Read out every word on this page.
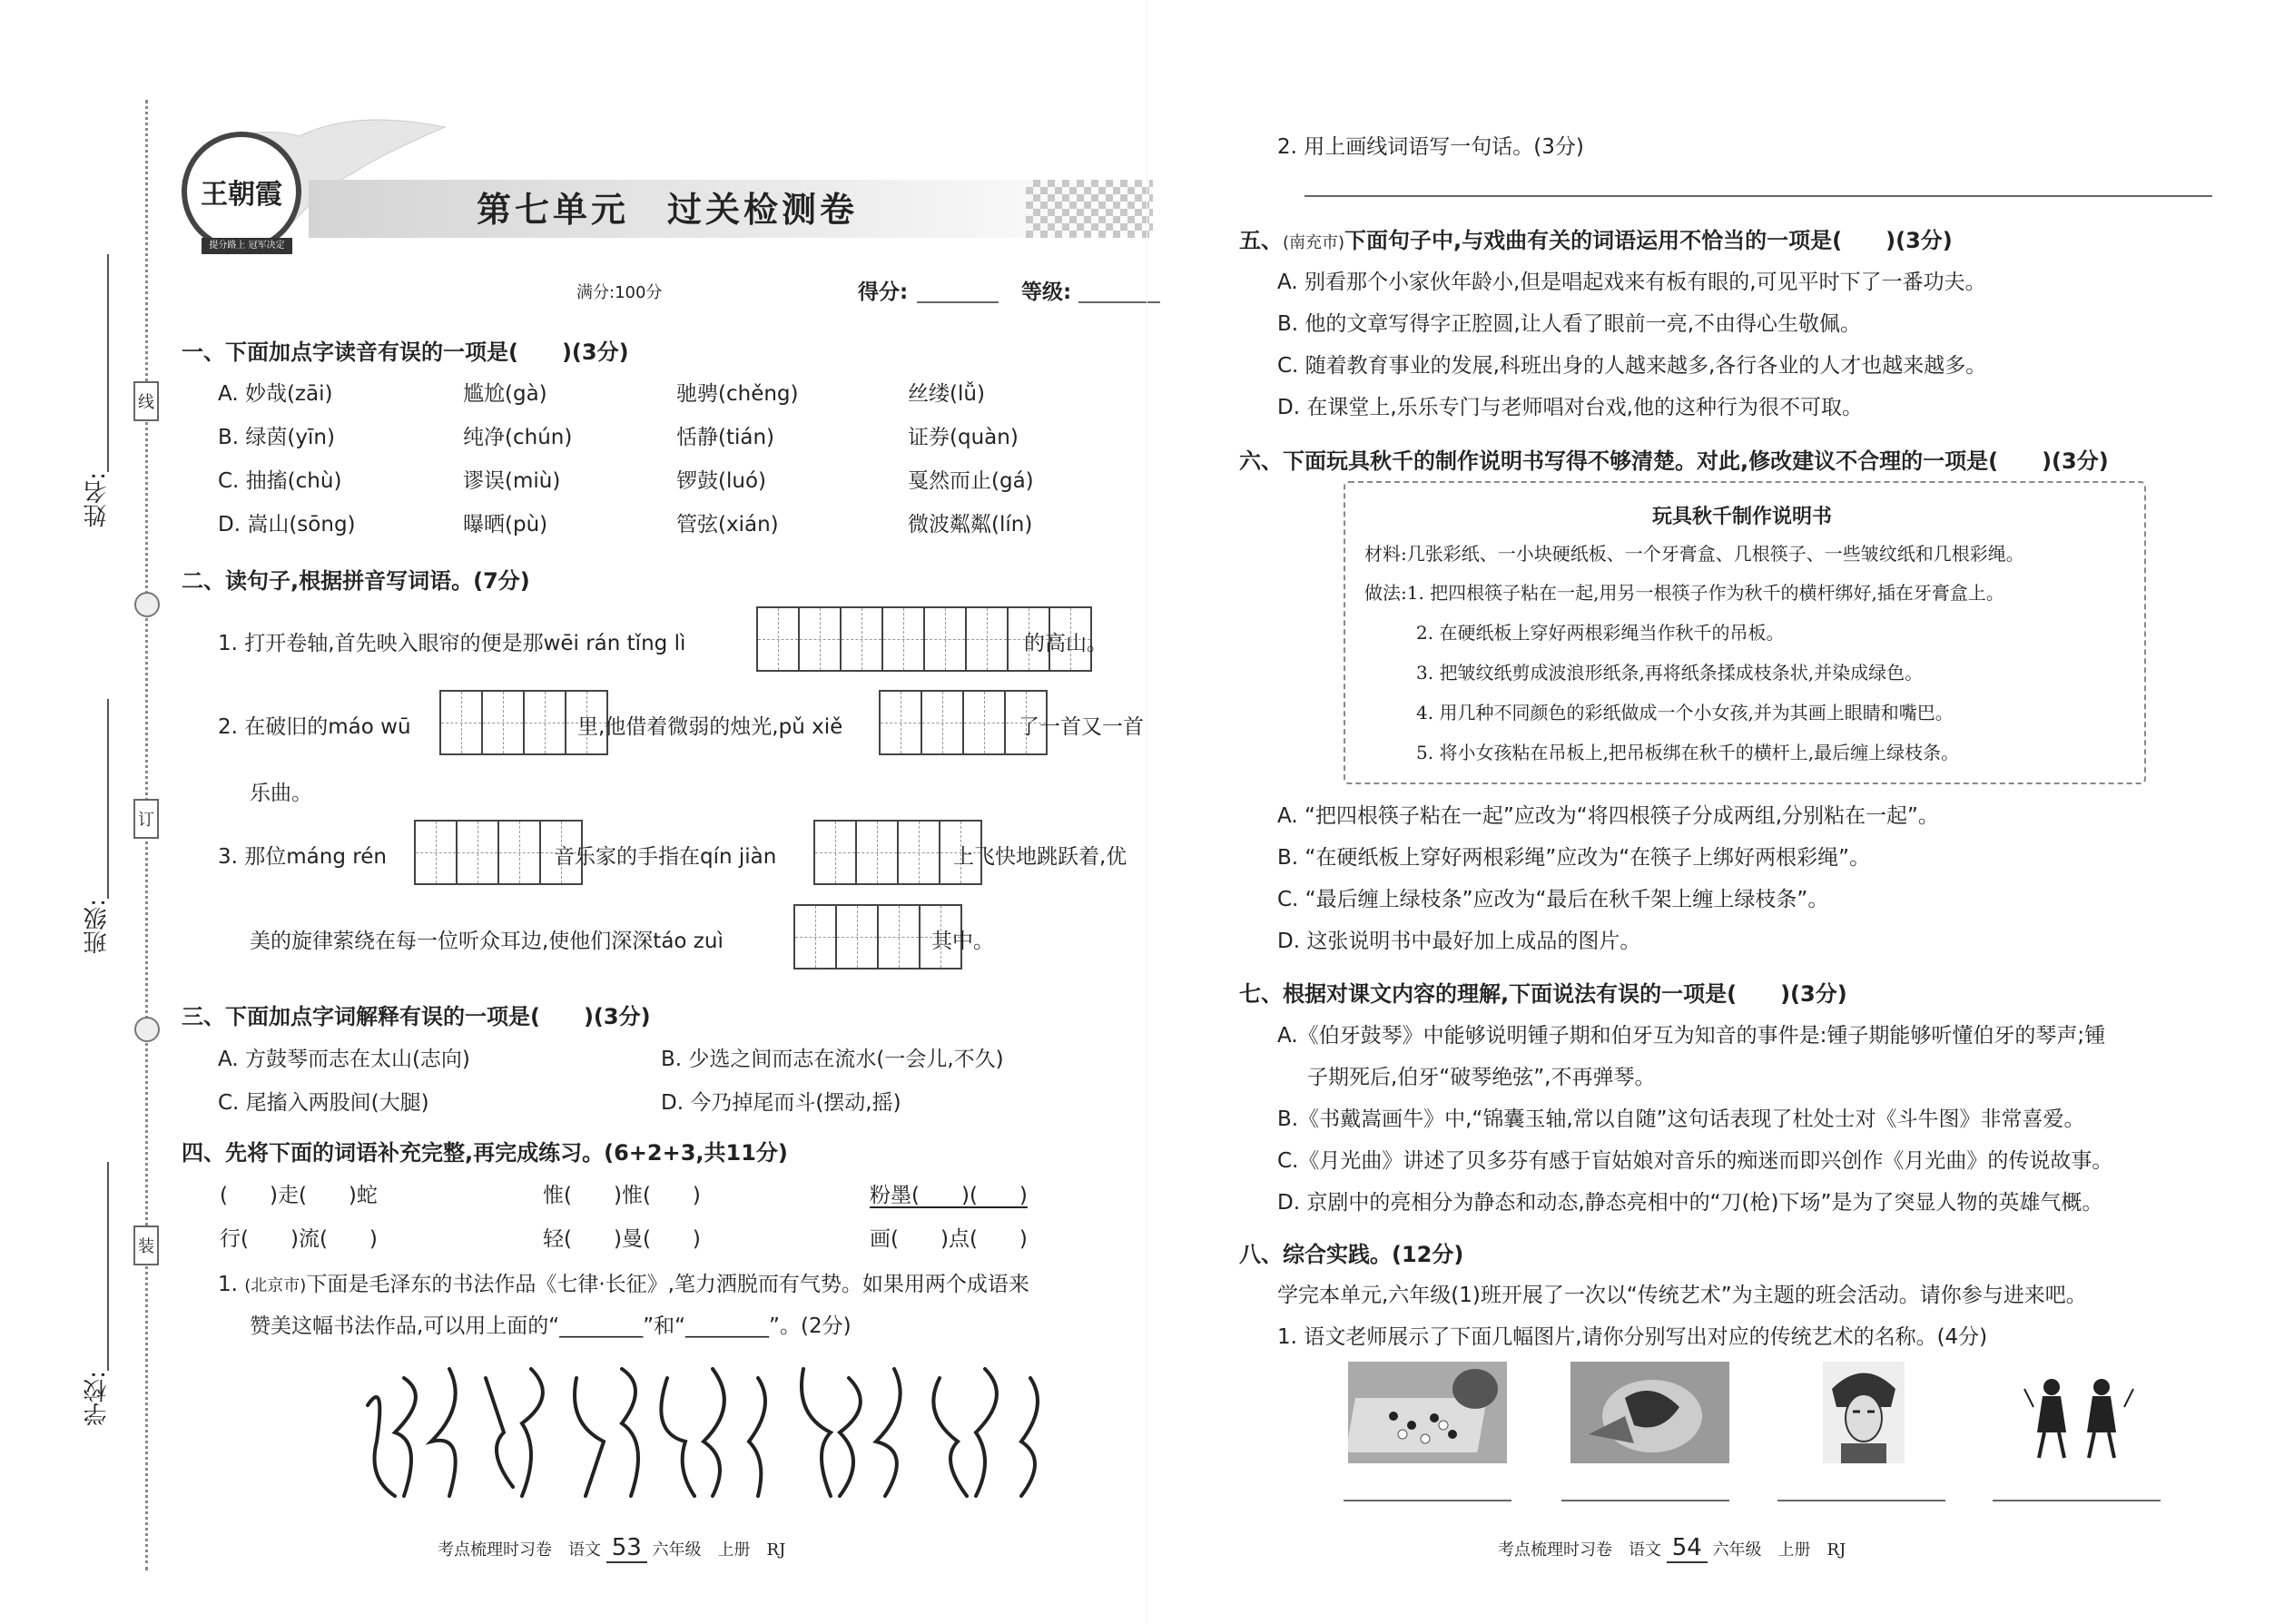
姓名:
班级:
学校:
线
订
装
王朝霞
提分路上 冠军决定
第七单元　过关检测卷
满分:100分	得分:	等级:
一、下面加点字读音有误的一项是(　　)(3分)
A. 妙哉(zāi)	尴尬(gà)	驰骋(chěng)	丝缕(lǚ)
B. 绿茵(yīn)	纯净(chún)	恬静(tián)	证券(quàn)
C. 抽搐(chù)	谬误(miù)	锣鼓(luó)	戛然而止(gá)
D. 嵩山(sōng)	曝晒(pù)	管弦(xián)	微波粼粼(lín)
二、读句子,根据拼音写词语。(7分)
1. 打开卷轴,首先映入眼帘的便是那wēi rán tǐng lì	的高山。
2. 在破旧的máo wū	里,他借着微弱的烛光,pǔ xiě	了一首又一首
乐曲。
3. 那位máng rén	音乐家的手指在qín jiàn	上飞快地跳跃着,优
美的旋律萦绕在每一位听众耳边,使他们深深táo zuì	其中。
三、下面加点字词解释有误的一项是(　　)(3分)
A. 方鼓琴而志在太山(志向)	B. 少选之间而志在流水(一会儿,不久)
C. 尾搐入两股间(大腿)	D. 今乃掉尾而斗(摆动,摇)
四、先将下面的词语补充完整,再完成练习。(6+2+3,共11分)
(　　)走(　　)蛇	惟(　　)惟(　　)	粉墨(　　)(　　)
行(　　)流(　　)	轻(　　)曼(　　)	画(　　)点(　　)
1. (北京市)下面是毛泽东的书法作品《七律·长征》,笔力洒脱而有气势。如果用两个成语来
赞美这幅书法作品,可以用上面的“________”和“________”。(2分)
考点梳理时习卷　语文 53 六年级　上册　RJ
2. 用上画线词语写一句话。(3分)
五、(南充市)下面句子中,与戏曲有关的词语运用不恰当的一项是(　　)(3分)
A. 别看那个小家伙年龄小,但是唱起戏来有板有眼的,可见平时下了一番功夫。
B. 他的文章写得字正腔圆,让人看了眼前一亮,不由得心生敬佩。
C. 随着教育事业的发展,科班出身的人越来越多,各行各业的人才也越来越多。
D. 在课堂上,乐乐专门与老师唱对台戏,他的这种行为很不可取。
六、下面玩具秋千的制作说明书写得不够清楚。对此,修改建议不合理的一项是(　　)(3分)
玩具秋千制作说明书
材料:几张彩纸、一小块硬纸板、一个牙膏盒、几根筷子、一些皱纹纸和几根彩绳。
做法:1. 把四根筷子粘在一起,用另一根筷子作为秋千的横杆绑好,插在牙膏盒上。
2. 在硬纸板上穿好两根彩绳当作秋千的吊板。
3. 把皱纹纸剪成波浪形纸条,再将纸条揉成枝条状,并染成绿色。
4. 用几种不同颜色的彩纸做成一个小女孩,并为其画上眼睛和嘴巴。
5. 将小女孩粘在吊板上,把吊板绑在秋千的横杆上,最后缠上绿枝条。
A. “把四根筷子粘在一起”应改为“将四根筷子分成两组,分别粘在一起”。
B. “在硬纸板上穿好两根彩绳”应改为“在筷子上绑好两根彩绳”。
C. “最后缠上绿枝条”应改为“最后在秋千架上缠上绿枝条”。
D. 这张说明书中最好加上成品的图片。
七、根据对课文内容的理解,下面说法有误的一项是(　　)(3分)
A.《伯牙鼓琴》中能够说明锺子期和伯牙互为知音的事件是:锺子期能够听懂伯牙的琴声;锺
子期死后,伯牙“破琴绝弦”,不再弹琴。
B.《书戴嵩画牛》中,“锦囊玉轴,常以自随”这句话表现了杜处士对《斗牛图》非常喜爱。
C.《月光曲》讲述了贝多芬有感于盲姑娘对音乐的痴迷而即兴创作《月光曲》的传说故事。
D. 京剧中的亮相分为静态和动态,静态亮相中的“刀(枪)下场”是为了突显人物的英雄气概。
八、综合实践。(12分)
学完本单元,六年级(1)班开展了一次以“传统艺术”为主题的班会活动。请你参与进来吧。
1. 语文老师展示了下面几幅图片,请你分别写出对应的传统艺术的名称。(4分)
考点梳理时习卷　语文 54 六年级　上册　RJ
